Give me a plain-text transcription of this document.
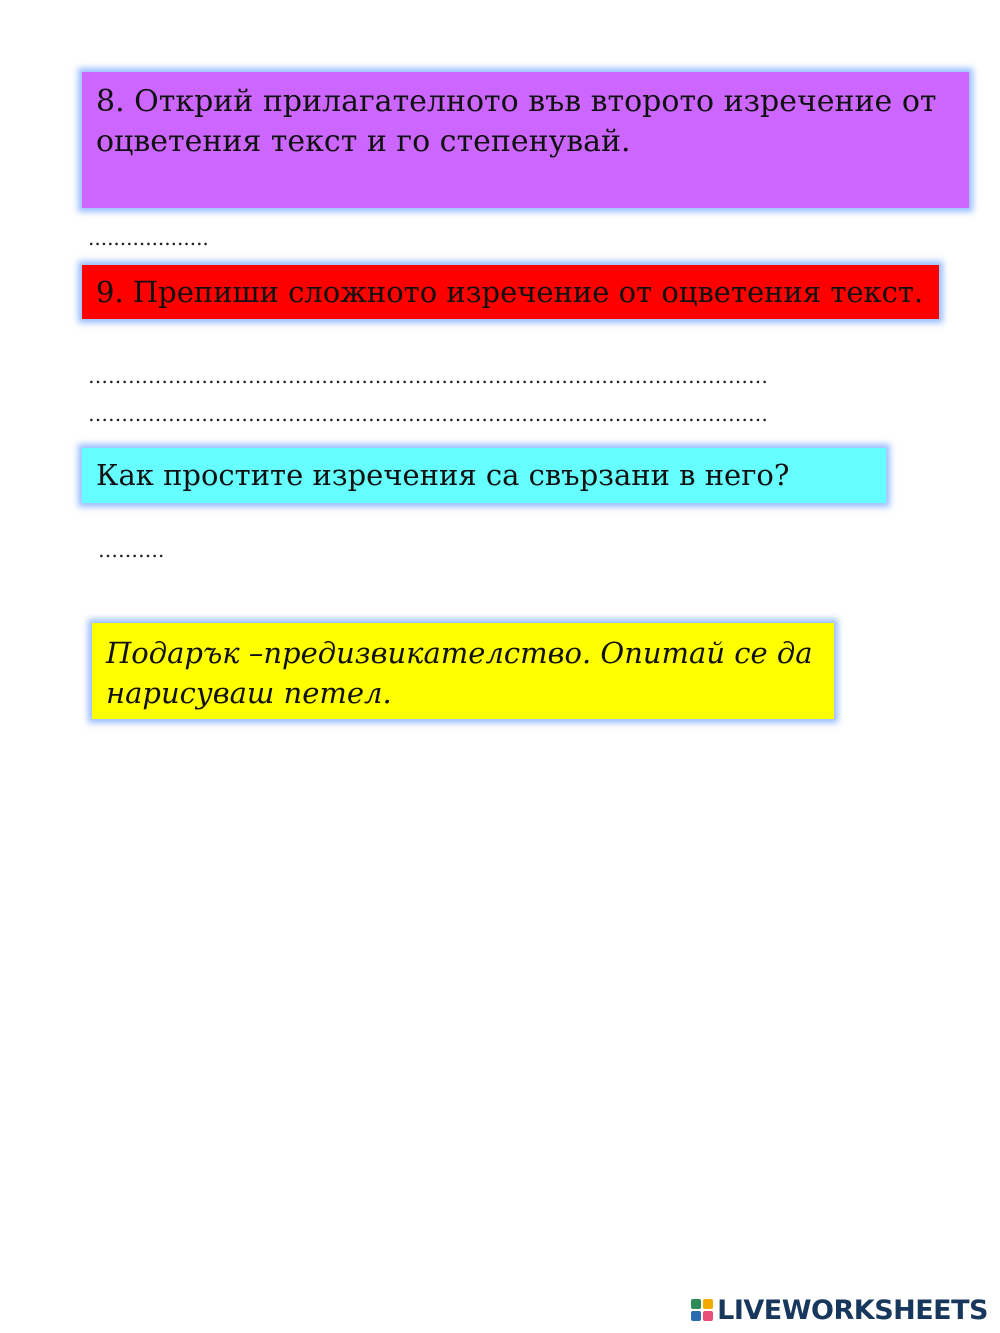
8. Открий прилагателното във второто изречение от оцветения текст и го степенувай.
...................
9. Препиши сложното изречение от оцветения текст.
…………………………………………………………………………………………
…………………………………………………………………………………………
Как простите изречения са свързани в него?
……….
Подарък –предизвикателство. Опитай се да нарисуваш петел.
LIVEWORKSHEETS
